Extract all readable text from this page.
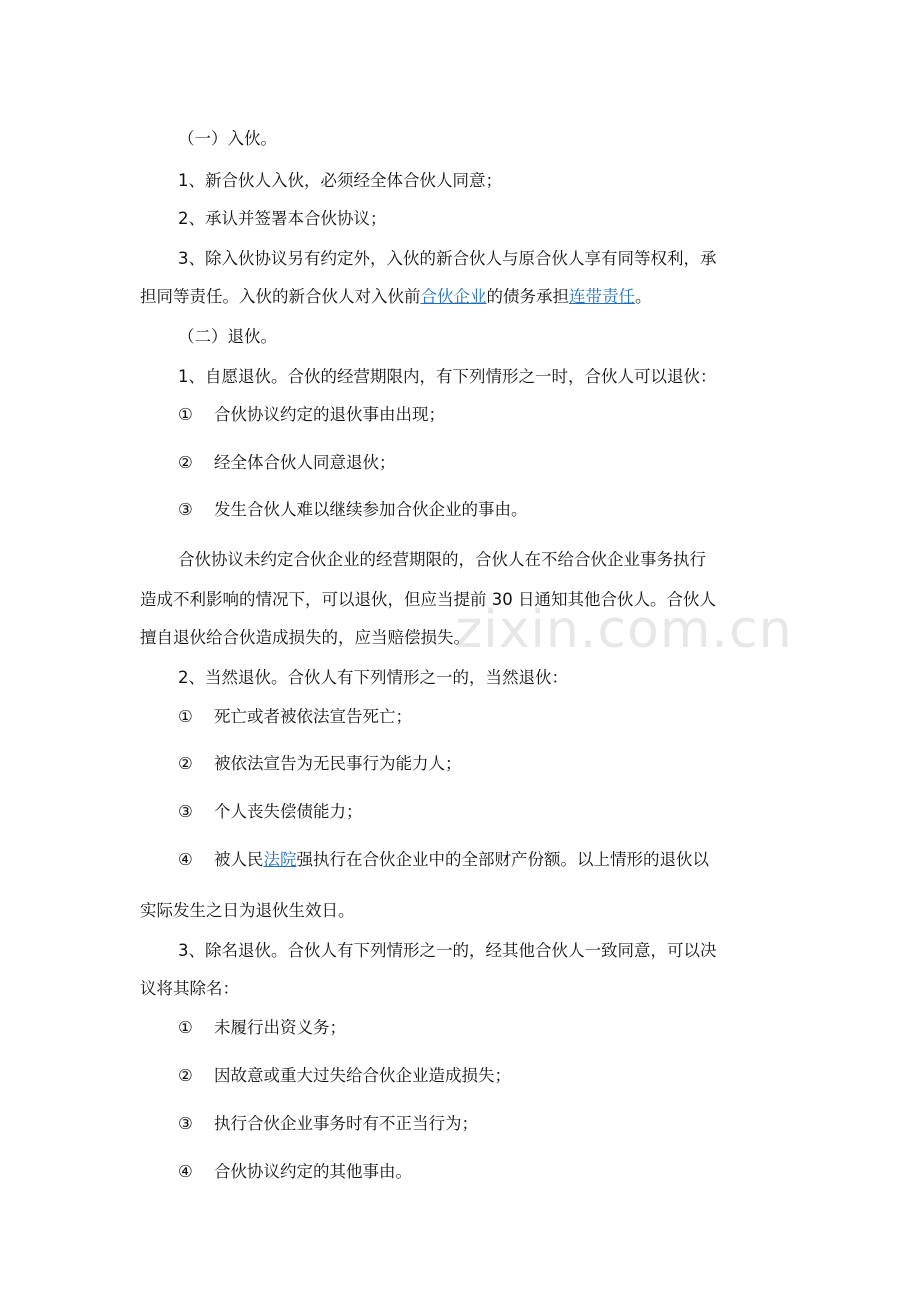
zixin.com.cn
（一）入伙。
1、新合伙人入伙，必须经全体合伙人同意；
2、承认并签署本合伙协议；
3、除入伙协议另有约定外，入伙的新合伙人与原合伙人享有同等权利，承
担同等责任。入伙的新合伙人对入伙前合伙企业的债务承担连带责任。
（二）退伙。
1、自愿退伙。合伙的经营期限内，有下列情形之一时，合伙人可以退伙：
① 合伙协议约定的退伙事由出现；
② 经全体合伙人同意退伙；
③ 发生合伙人难以继续参加合伙企业的事由。
合伙协议未约定合伙企业的经营期限的，合伙人在不给合伙企业事务执行
造成不利影响的情况下，可以退伙，但应当提前 30 日通知其他合伙人。合伙人
擅自退伙给合伙造成损失的，应当赔偿损失。
2、当然退伙。合伙人有下列情形之一的，当然退伙：
① 死亡或者被依法宣告死亡；
② 被依法宣告为无民事行为能力人；
③ 个人丧失偿债能力；
④ 被人民法院强执行在合伙企业中的全部财产份额。以上情形的退伙以
实际发生之日为退伙生效日。
3、除名退伙。合伙人有下列情形之一的，经其他合伙人一致同意，可以决
议将其除名：
① 未履行出资义务；
② 因故意或重大过失给合伙企业造成损失；
③ 执行合伙企业事务时有不正当行为；
④ 合伙协议约定的其他事由。
